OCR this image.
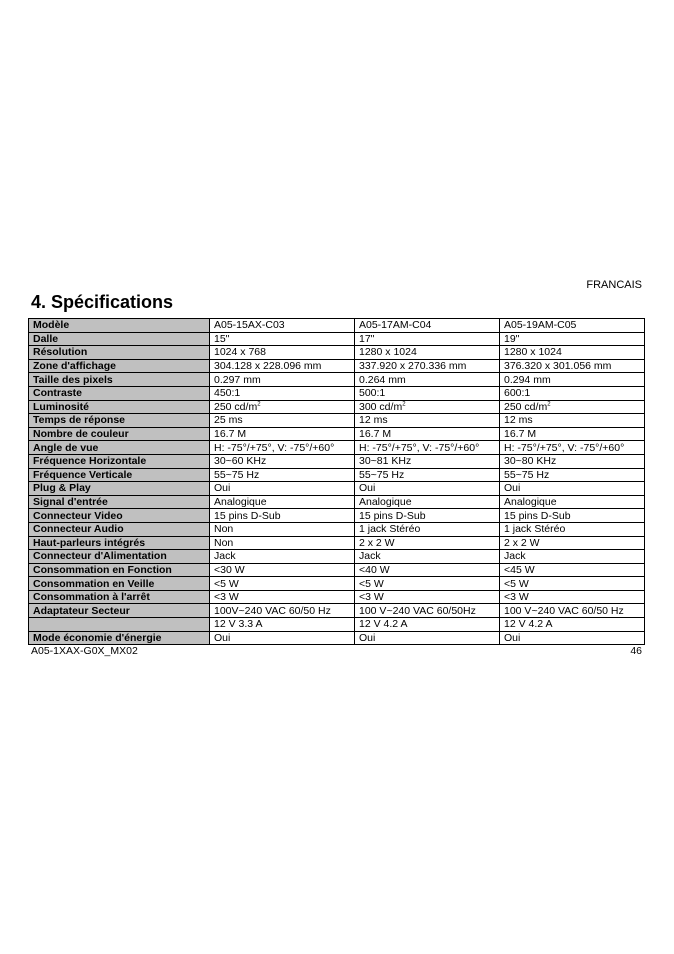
FRANCAIS
4. Spécifications
Modèle	A05-15AX-C03	A05-17AM-C04	A05-19AM-C05
Dalle	15"	17"	19"
Résolution	1024 x 768	1280 x 1024	1280 x 1024
Zone d'affichage	304.128 x 228.096 mm	337.920 x 270.336 mm	376.320 x 301.056 mm
Taille des pixels	0.297 mm	0.264 mm	0.294 mm
Contraste	450:1	500:1	600:1
Luminosité	250 $cd/m^2$	300 $cd/m^2$	250 $cd/m^2$
Temps de réponse	25 ms	12 ms	12 ms
Nombre de couleur	16.7 M	16.7 M	16.7 M
Angle de vue	H: -75°/+75°, V: -75°/+60°	H: -75°/+75°, V: -75°/+60°	H: -75°/+75°, V: -75°/+60°
Fréquence Horizontale	30~60 KHz	30~81 KHz	30~80 KHz
Fréquence Verticale	55~75 Hz	55~75 Hz	55~75 Hz
Plug & Play	Oui	Oui	Oui
Signal d'entrée	Analogique	Analogique	Analogique
Connecteur Video	15 pins D-Sub	15 pins D-Sub	15 pins D-Sub
Connecteur Audio	Non	1 jack Stéréo	1 jack Stéréo
Haut-parleurs intégrés	Non	2 x 2 W	2 x 2 W
Connecteur d'Alimentation	Jack	Jack	Jack
Consommation en Fonction	<30 W	<40 W	<45 W
Consommation en Veille	<5 W	<5 W	<5 W
Consommation à l'arrêt	<3 W	<3 W	<3 W
Adaptateur Secteur	100V~240 VAC 60/50 Hz	100 V~240 VAC 60/50Hz	100 V~240 VAC 60/50 Hz
	12 V 3.3 A	12 V 4.2 A	12 V 4.2 A
Mode économie d'énergie	Oui	Oui	Oui
A05-1XAX-G0X_MX02	46
